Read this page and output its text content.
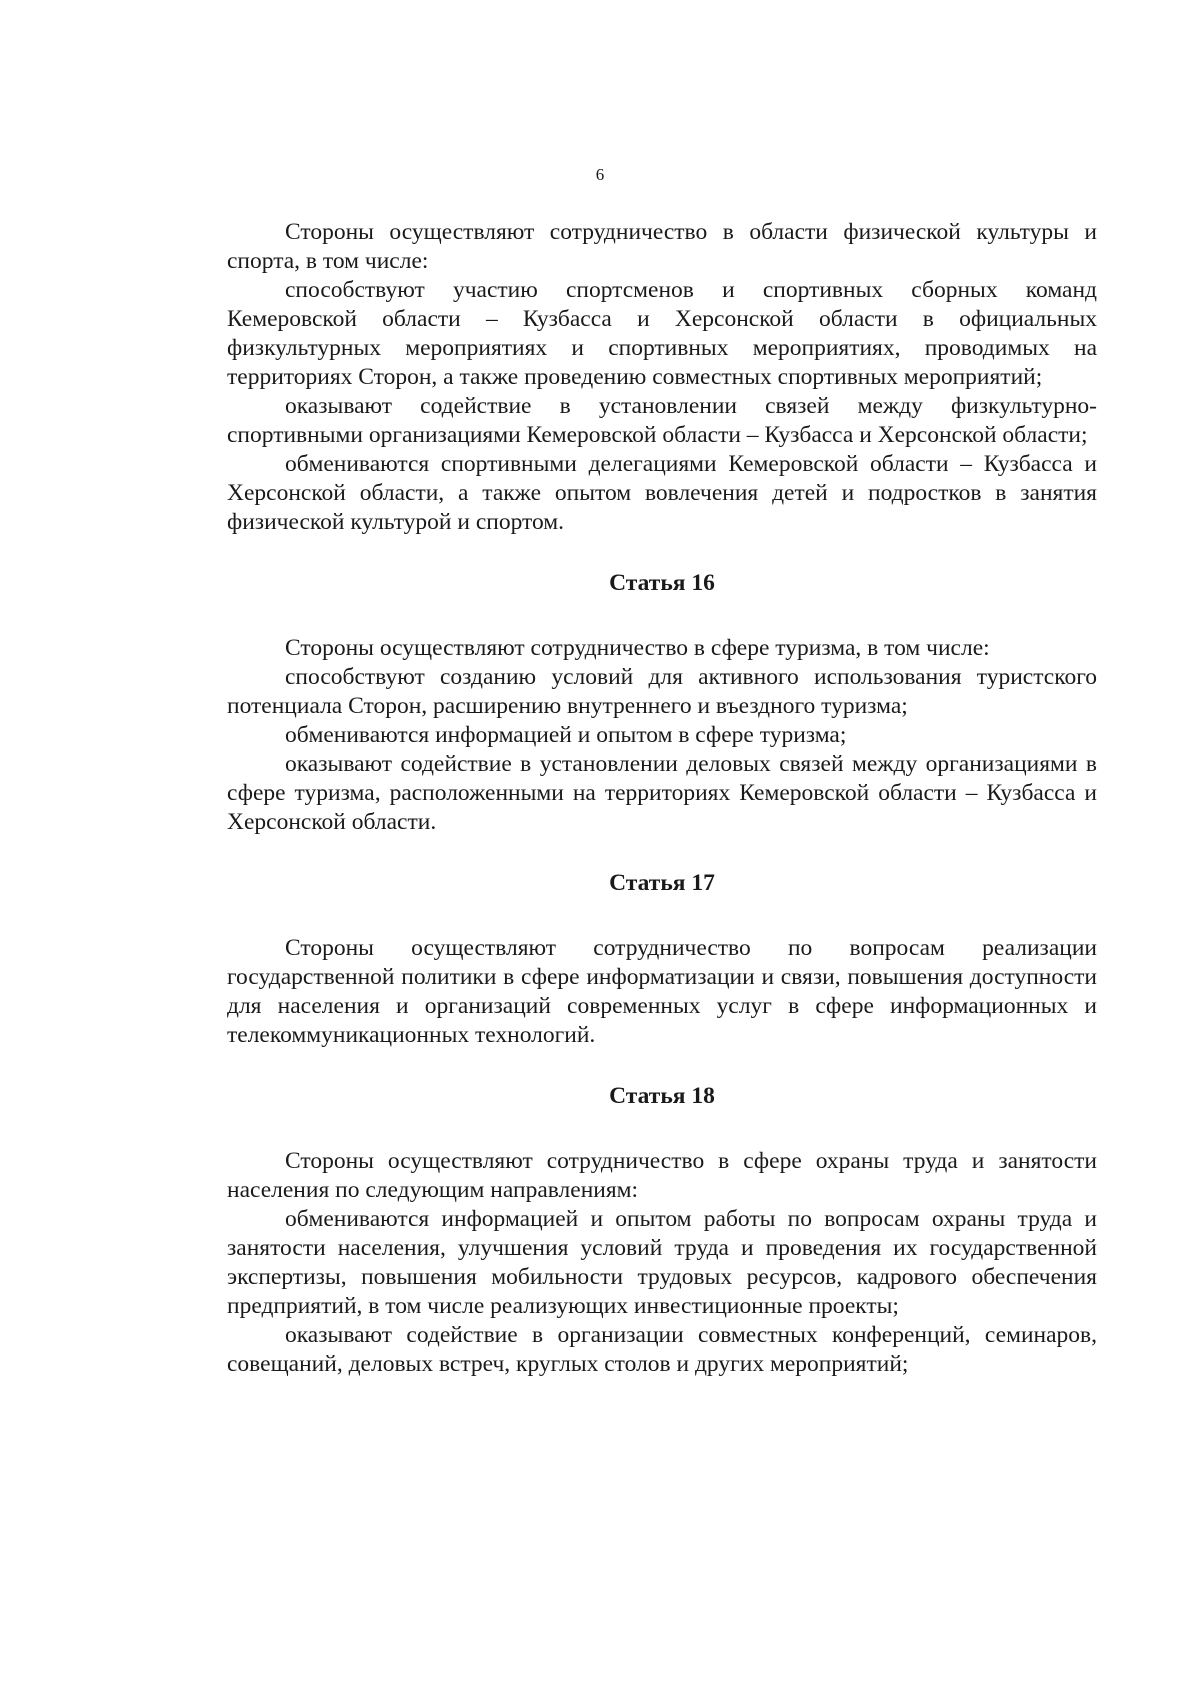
6

Стороны осуществляют сотрудничество в области физической культуры и спорта, в том числе:

способствуют участию спортсменов и спортивных сборных команд Кемеровской области – Кузбасса и Херсонской области в официальных физкультурных мероприятиях и спортивных мероприятиях, проводимых на территориях Сторон, а также проведению совместных спортивных мероприятий;

оказывают содействие в установлении связей между физкультурно-спортивными организациями Кемеровской области – Кузбасса и Херсонской области;

обмениваются спортивными делегациями Кемеровской области – Кузбасса и Херсонской области, а также опытом вовлечения детей и подростков в занятия физической культурой и спортом.

Статья 16

Стороны осуществляют сотрудничество в сфере туризма, в том числе:

способствуют созданию условий для активного использования туристского потенциала Сторон, расширению внутреннего и въездного туризма;

обмениваются информацией и опытом в сфере туризма;

оказывают содействие в установлении деловых связей между организациями в сфере туризма, расположенными на территориях Кемеровской области – Кузбасса и Херсонской области.

Статья 17

Стороны осуществляют сотрудничество по вопросам реализации государственной политики в сфере информатизации и связи, повышения доступности для населения и организаций современных услуг в сфере информационных и телекоммуникационных технологий.

Статья 18

Стороны осуществляют сотрудничество в сфере охраны труда и занятости населения по следующим направлениям:

обмениваются информацией и опытом работы по вопросам охраны труда и занятости населения, улучшения условий труда и проведения их государственной экспертизы, повышения мобильности трудовых ресурсов, кадрового обеспечения предприятий, в том числе реализующих инвестиционные проекты;

оказывают содействие в организации совместных конференций, семинаров, совещаний, деловых встреч, круглых столов и других мероприятий;
